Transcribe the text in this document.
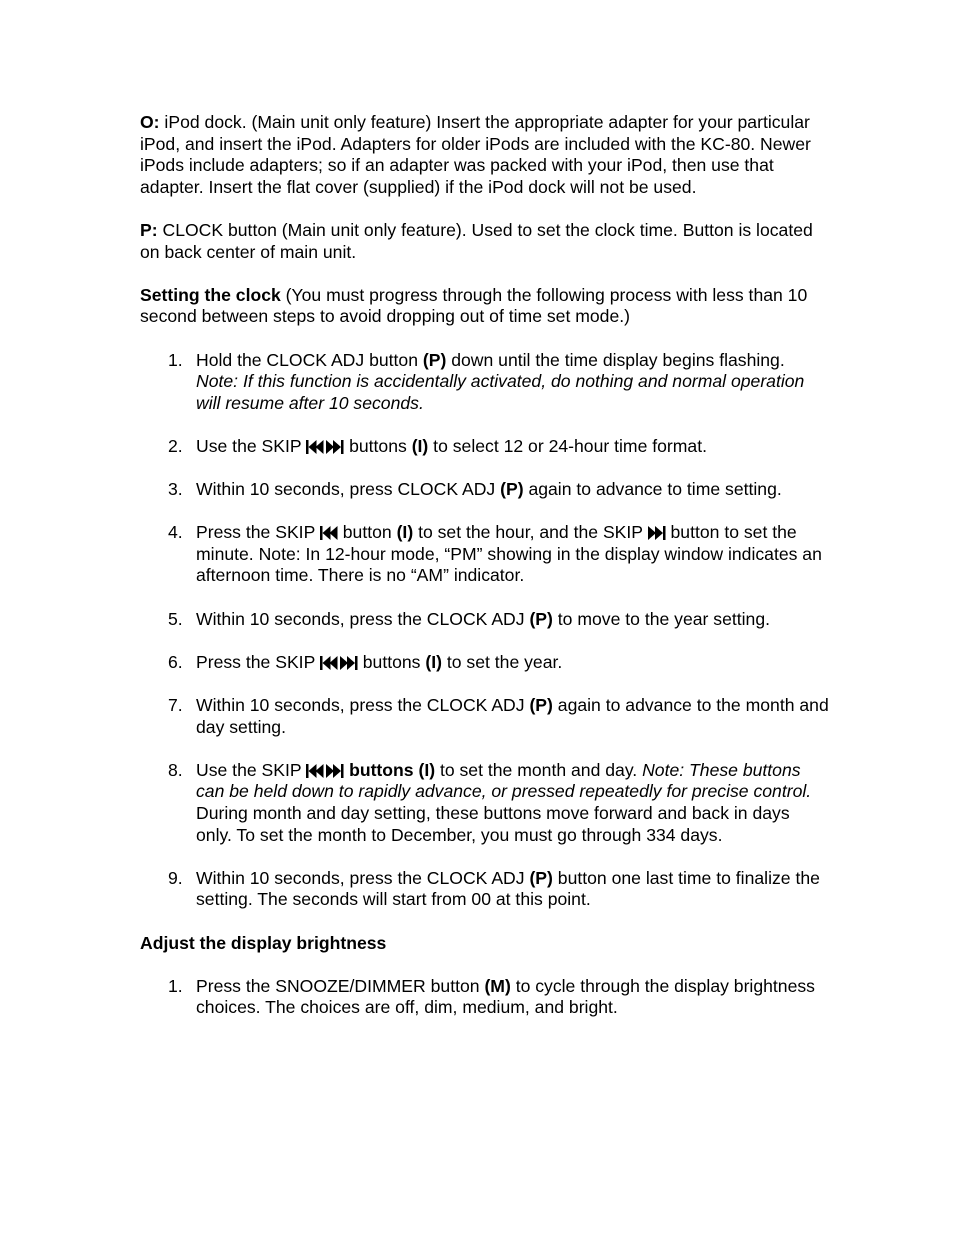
O: iPod dock. (Main unit only feature) Insert the appropriate adapter for your particular iPod, and insert the iPod. Adapters for older iPods are included with the KC-80. Newer iPods include adapters; so if an adapter was packed with your iPod, then use that adapter. Insert the flat cover (supplied) if the iPod dock will not be used.

P: CLOCK button (Main unit only feature). Used to set the clock time. Button is located on back center of main unit.

Setting the clock (You must progress through the following process with less than 10 second between steps to avoid dropping out of time set mode.)

1. Hold the CLOCK ADJ button (P) down until the time display begins flashing. Note: If this function is accidentally activated, do nothing and normal operation will resume after 10 seconds.
2. Use the SKIP  buttons (I) to select 12 or 24-hour time format.
3. Within 10 seconds, press CLOCK ADJ (P) again to advance to time setting.
4. Press the SKIP  button (I) to set the hour, and the SKIP  button to set the minute. Note: In 12-hour mode, “PM” showing in the display window indicates an afternoon time. There is no “AM” indicator.
5. Within 10 seconds, press the CLOCK ADJ (P) to move to the year setting.
6. Press the SKIP  buttons (I) to set the year.
7. Within 10 seconds, press the CLOCK ADJ (P) again to advance to the month and day setting.
8. Use the SKIP  buttons (I) to set the month and day. Note: These buttons can be held down to rapidly advance, or pressed repeatedly for precise control. During month and day setting, these buttons move forward and back in days only. To set the month to December, you must go through 334 days.
9. Within 10 seconds, press the CLOCK ADJ (P) button one last time to finalize the setting. The seconds will start from 00 at this point.

Adjust the display brightness

1. Press the SNOOZE/DIMMER button (M) to cycle through the display brightness choices. The choices are off, dim, medium, and bright.
